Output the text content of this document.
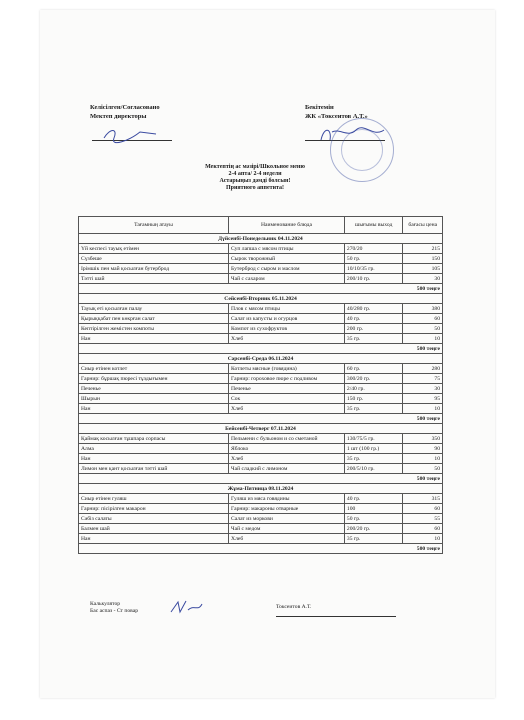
Келісілген/Согласовано
Мектеп директоры
Бекітемін
ЖК «Токсеитов А.Т.»
Мектептің ас мәзірі/Школьное меню
2-4 апта/ 2-4 недели
Астарыңыз дәмді болсын!
Приятного аппетита!
Тағамның атауы	Наименование блюда	шығымы выход	бағасы цена
Дүйсенбі-Понедельник 04.11.2024			
Үй кеспесі тауық етімен	Суп лапша с мясом птицы	270/20	215
Сүзбеше	Сырок творожный	50 гр.	150
Ірімшік пен май қосылған бутерброд	Бутерброд с сыром и маслом	10/10/35 гр.	105
Тәтті шай	Чай с сахаром	200/10 гр.	30
500 теңге			
Сейсенбі-Вторник 05.11.2024			
Тауық еті қосылған палау	Плов с мясом птицы	40/280 гр.	380
Қырыққабат пен көкрған салат	Салат из капусты и огурцов	40 гр.	60
Кептірілген жемістен компоты	Компот из сухофруктов	200 гр.	50
Нан	Хлеб	35 гр.	10
500 теңге			
Сәрсенбі-Среда 06.11.2024			
Сиыр етінен котлет	Котлеты мясные (говядина)	60 гр.	280
Гарнир: бұршақ пюресі тұздығымен	Гарнир: гороховое пюре с подливом	300/20 гр.	75
Печенье	Печенье	2/40 гр.	30
Шырын	Сок	150 гр.	95
Нан	Хлеб	35 гр.	10
500 теңге			
Бейсенбі-Четверг 07.11.2024			
Қаймақ косылған тұшпара сорпасы	Пельмени с бульоном и со сметаной	130/75/5 гр.	350
Алма	Яблоко	1 шт (100 гр.)	90
Нан	Хлеб	35 гр.	10
Лимон мен қант қосылған тәтті шай	Чай сладкий с лимоном	200/5/10 гр.	50
500 теңге			
Жұма-Пятница 08.11.2024			
Сиыр етінен гуляш	Гуляш из мяса говядины	40 гр.	315
Гарнир: пісірілген макарон	Гарнир: макароны отварные	100	60
Сәбіз салаты	Салат из моркови	50 гр.	55
Балмен шай	Чай с медом	200/20 гр.	60
Нан	Хлеб	35 гр.	10
500 теңге			
Калькулятор
Бас аспаз - Ст повар
Токсеитов А.Т.
